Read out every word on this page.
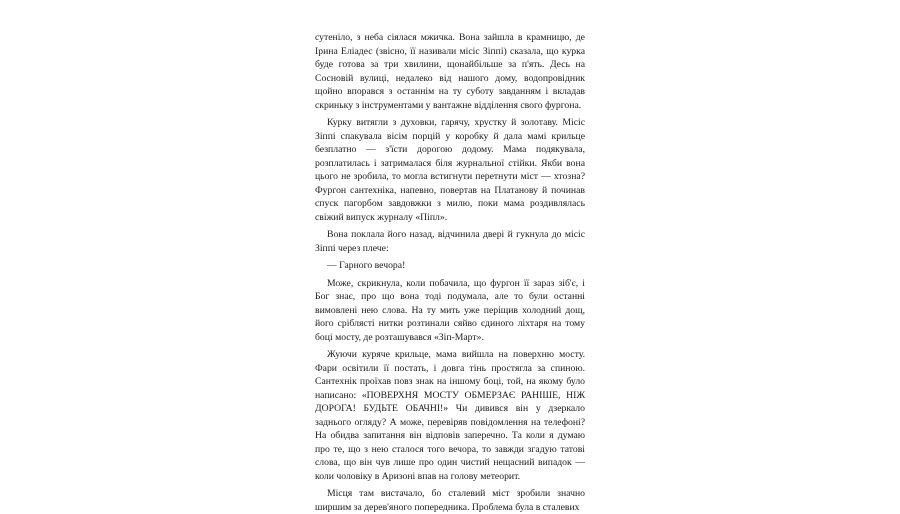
сутеніло, з неба сіялася мжичка. Вона зайшла в крамницю, де Ірина Еліадес (звісно, її називали місіс Зіппі) сказала, що курка буде готова за три хвилини, щонайбільше за п'ять. Десь на Сосновій вулиці, недалеко від нашого дому, водопровідник щойно впорався з останнім на ту суботу завданням і вкладав скриньку з інструментами у вантажне відділення свого фургона.

Курку витягли з духовки, гарячу, хрустку й золотаву. Місіс Зіппі спакувала вісім порцій у коробку й дала мамі крильце безплатно — з'їсти дорогою додому. Мама подякувала, розплатилась і затрималася біля журнальної стійки. Якби вона цього не зробила, то могла встигнути перетнути міст — хтозна? Фургон сантехніка, напевно, повертав на Платанову й починав спуск пагорбом завдовжки з милю, поки мама роздивлялась свіжий випуск журналу «Піпл».

Вона поклала його назад, відчинила двері й гукнула до місіс Зіппі через плече:

— Гарного вечора!

Може, скрикнула, коли побачила, що фургон її зараз зіб'є, і Бог знає, про що вона тоді подумала, але то були останні вимовлені нею слова. На ту мить уже періщив холодний дощ, його сріблясті нитки розтинали сяйво єдиного ліхтаря на тому боці мосту, де розташувався «Зіп-Март».

Жуючи куряче крильце, мама вийшла на поверхню мосту. Фари освітили її постать, і довга тінь простягла за спиною. Сантехнік проїхав повз знак на іншому боці, той, на якому було написано: «ПОВЕРХНЯ МОСТУ ОБМЕРЗАЄ РАНІШЕ, НІЖ ДОРОГА! БУДЬТЕ ОБАЧНІ!» Чи дивився він у дзеркало заднього огляду? А може, перевіряв повідомлення на телефоні? На обидва запитання він відповів заперечно. Та коли я думаю про те, що з нею сталося того вечора, то завжди згадую татові слова, що він чув лише про один чистий нещасний випадок — коли чоловіку в Аризоні впав на голову метеорит.

Місця там вистачало, бо сталевий міст зробили значно ширшим за дерев'яного попередника. Проблема була в сталевих
